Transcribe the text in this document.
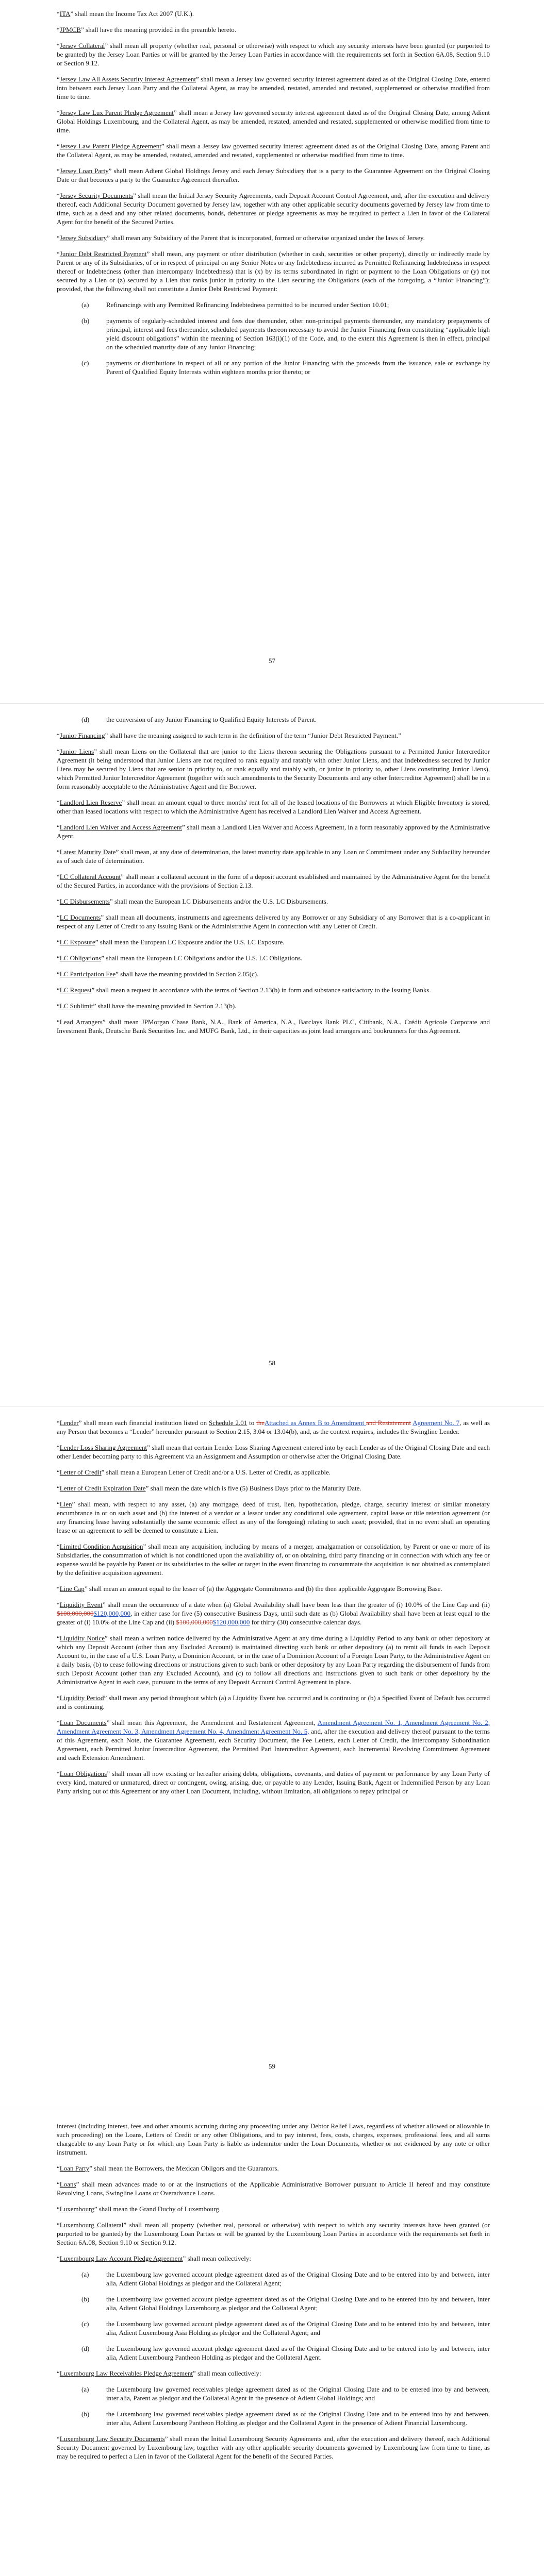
“ITA” shall mean the Income Tax Act 2007 (U.K.).

“JPMCB” shall have the meaning provided in the preamble hereto.

“Jersey Collateral” shall mean all property (whether real, personal or otherwise) with respect to which any security interests have been granted (or purported to be granted) by the Jersey Loan Parties or will be granted by the Jersey Loan Parties in accordance with the requirements set forth in Section 6A.08, Section 9.10 or Section 9.12.

“Jersey Law All Assets Security Interest Agreement” shall mean a Jersey law governed security interest agreement dated as of the Original Closing Date, entered into between each Jersey Loan Party and the Collateral Agent, as may be amended, restated, amended and restated, supplemented or otherwise modified from time to time.

“Jersey Law Lux Parent Pledge Agreement” shall mean a Jersey law governed security interest agreement dated as of the Original Closing Date, among Adient Global Holdings Luxembourg, and the Collateral Agent, as may be amended, restated, amended and restated, supplemented or otherwise modified from time to time.

“Jersey Law Parent Pledge Agreement” shall mean a Jersey law governed security interest agreement dated as of the Original Closing Date, among Parent and the Collateral Agent, as may be amended, restated, amended and restated, supplemented or otherwise modified from time to time.

“Jersey Loan Party” shall mean Adient Global Holdings Jersey and each Jersey Subsidiary that is a party to the Guarantee Agreement on the Original Closing Date or that becomes a party to the Guarantee Agreement thereafter.

“Jersey Security Documents” shall mean the Initial Jersey Security Agreements, each Deposit Account Control Agreement, and, after the execution and delivery thereof, each Additional Security Document governed by Jersey law, together with any other applicable security documents governed by Jersey law from time to time, such as a deed and any other related documents, bonds, debentures or pledge agreements as may be required to perfect a Lien in favor of the Collateral Agent for the benefit of the Secured Parties.

“Jersey Subsidiary” shall mean any Subsidiary of the Parent that is incorporated, formed or otherwise organized under the laws of Jersey.

“Junior Debt Restricted Payment” shall mean, any payment or other distribution (whether in cash, securities or other property), directly or indirectly made by Parent or any of its Subsidiaries, of or in respect of principal on any Senior Notes or any Indebtedness incurred as Permitted Refinancing Indebtedness in respect thereof or Indebtedness (other than intercompany Indebtedness) that is (x) by its terms subordinated in right or payment to the Loan Obligations or (y) not secured by a Lien or (z) secured by a Lien that ranks junior in priority to the Lien securing the Obligations (each of the foregoing, a “Junior Financing”); provided, that the following shall not constitute a Junior Debt Restricted Payment:

(a)	Refinancings with any Permitted Refinancing Indebtedness permitted to be incurred under Section 10.01;

(b)	payments of regularly-scheduled interest and fees due thereunder, other non-principal payments thereunder, any mandatory prepayments of principal, interest and fees thereunder, scheduled payments thereon necessary to avoid the Junior Financing from constituting “applicable high yield discount obligations” within the meaning of Section 163(i)(1) of the Code, and, to the extent this Agreement is then in effect, principal on the scheduled maturity date of any Junior Financing;

(c)	payments or distributions in respect of all or any portion of the Junior Financing with the proceeds from the issuance, sale or exchange by Parent of Qualified Equity Interests within eighteen months prior thereto; or

57

(d)	the conversion of any Junior Financing to Qualified Equity Interests of Parent.

“Junior Financing” shall have the meaning assigned to such term in the definition of the term “Junior Debt Restricted Payment.”

“Junior Liens” shall mean Liens on the Collateral that are junior to the Liens thereon securing the Obligations pursuant to a Permitted Junior Intercreditor Agreement (it being understood that Junior Liens are not required to rank equally and ratably with other Junior Liens, and that Indebtedness secured by Junior Liens may be secured by Liens that are senior in priority to, or rank equally and ratably with, or junior in priority to, other Liens constituting Junior Liens), which Permitted Junior Intercreditor Agreement (together with such amendments to the Security Documents and any other Intercreditor Agreement) shall be in a form reasonably acceptable to the Administrative Agent and the Borrower.

“Landlord Lien Reserve” shall mean an amount equal to three months' rent for all of the leased locations of the Borrowers at which Eligible Inventory is stored, other than leased locations with respect to which the Administrative Agent has received a Landlord Lien Waiver and Access Agreement.

“Landlord Lien Waiver and Access Agreement” shall mean a Landlord Lien Waiver and Access Agreement, in a form reasonably approved by the Administrative Agent.

“Latest Maturity Date” shall mean, at any date of determination, the latest maturity date applicable to any Loan or Commitment under any Subfacility hereunder as of such date of determination.

“LC Collateral Account” shall mean a collateral account in the form of a deposit account established and maintained by the Administrative Agent for the benefit of the Secured Parties, in accordance with the provisions of Section 2.13.

“LC Disbursements” shall mean the European LC Disbursements and/or the U.S. LC Disbursements.

“LC Documents” shall mean all documents, instruments and agreements delivered by any Borrower or any Subsidiary of any Borrower that is a co-applicant in respect of any Letter of Credit to any Issuing Bank or the Administrative Agent in connection with any Letter of Credit.

“LC Exposure” shall mean the European LC Exposure and/or the U.S. LC Exposure.

“LC Obligations” shall mean the European LC Obligations and/or the U.S. LC Obligations.

“LC Participation Fee” shall have the meaning provided in Section 2.05(c).

“LC Request” shall mean a request in accordance with the terms of Section 2.13(b) in form and substance satisfactory to the Issuing Banks.

“LC Sublimit” shall have the meaning provided in Section 2.13(b).

“Lead Arrangers” shall mean JPMorgan Chase Bank, N.A., Bank of America, N.A., Barclays Bank PLC, Citibank, N.A., Crédit Agricole Corporate and Investment Bank, Deutsche Bank Securities Inc. and MUFG Bank, Ltd., in their capacities as joint lead arrangers and bookrunners for this Agreement.

58

“Lender” shall mean each financial institution listed on Schedule 2.01 to theAttached as Annex B to Amendment and Restatement Agreement No. 7, as well as any Person that becomes a “Lender” hereunder pursuant to Section 2.15, 3.04 or 13.04(b), and, as the context requires, includes the Swingline Lender.

“Lender Loss Sharing Agreement” shall mean that certain Lender Loss Sharing Agreement entered into by each Lender as of the Original Closing Date and each other Lender becoming party to this Agreement via an Assignment and Assumption or otherwise after the Original Closing Date.

“Letter of Credit” shall mean a European Letter of Credit and/or a U.S. Letter of Credit, as applicable.

“Letter of Credit Expiration Date” shall mean the date which is five (5) Business Days prior to the Maturity Date.

“Lien” shall mean, with respect to any asset, (a) any mortgage, deed of trust, lien, hypothecation, pledge, charge, security interest or similar monetary encumbrance in or on such asset and (b) the interest of a vendor or a lessor under any conditional sale agreement, capital lease or title retention agreement (or any financing lease having substantially the same economic effect as any of the foregoing) relating to such asset; provided, that in no event shall an operating lease or an agreement to sell be deemed to constitute a Lien.

“Limited Condition Acquisition” shall mean any acquisition, including by means of a merger, amalgamation or consolidation, by Parent or one or more of its Subsidiaries, the consummation of which is not conditioned upon the availability of, or on obtaining, third party financing or in connection with which any fee or expense would be payable by Parent or its subsidiaries to the seller or target in the event financing to consummate the acquisition is not obtained as contemplated by the definitive acquisition agreement.

“Line Cap” shall mean an amount equal to the lesser of (a) the Aggregate Commitments and (b) the then applicable Aggregate Borrowing Base.

“Liquidity Event” shall mean the occurrence of a date when (a) Global Availability shall have been less than the greater of (i) 10.0% of the Line Cap and (ii) $100,000,000$120,000,000, in either case for five (5) consecutive Business Days, until such date as (b) Global Availability shall have been at least equal to the greater of (i) 10.0% of the Line Cap and (ii) $100,000,000$120,000,000 for thirty (30) consecutive calendar days.

“Liquidity Notice” shall mean a written notice delivered by the Administrative Agent at any time during a Liquidity Period to any bank or other depository at which any Deposit Account (other than any Excluded Account) is maintained directing such bank or other depository (a) to remit all funds in each Deposit Account to, in the case of a U.S. Loan Party, a Dominion Account, or in the case of a Dominion Account of a Foreign Loan Party, to the Administrative Agent on a daily basis, (b) to cease following directions or instructions given to such bank or other depository by any Loan Party regarding the disbursement of funds from such Deposit Account (other than any Excluded Account), and (c) to follow all directions and instructions given to such bank or other depository by the Administrative Agent in each case, pursuant to the terms of any Deposit Account Control Agreement in place.

“Liquidity Period” shall mean any period throughout which (a) a Liquidity Event has occurred and is continuing or (b) a Specified Event of Default has occurred and is continuing.

“Loan Documents” shall mean this Agreement, the Amendment and Restatement Agreement, Amendment Agreement No. 1, Amendment Agreement No. 2, Amendment Agreement No. 3, Amendment Agreement No. 4, Amendment Agreement No. 5, and, after the execution and delivery thereof pursuant to the terms of this Agreement, each Note, the Guarantee Agreement, each Security Document, the Fee Letters, each Letter of Credit, the Intercompany Subordination Agreement, each Permitted Junior Intercreditor Agreement, the Permitted Pari Intercreditor Agreement, each Incremental Revolving Commitment Agreement and each Extension Amendment.

“Loan Obligations” shall mean all now existing or hereafter arising debts, obligations, covenants, and duties of payment or performance by any Loan Party of every kind, matured or unmatured, direct or contingent, owing, arising, due, or payable to any Lender, Issuing Bank, Agent or Indemnified Person by any Loan Party arising out of this Agreement or any other Loan Document, including, without limitation, all obligations to repay principal or

59

interest (including interest, fees and other amounts accruing during any proceeding under any Debtor Relief Laws, regardless of whether allowed or allowable in such proceeding) on the Loans, Letters of Credit or any other Obligations, and to pay interest, fees, costs, charges, expenses, professional fees, and all sums chargeable to any Loan Party or for which any Loan Party is liable as indemnitor under the Loan Documents, whether or not evidenced by any note or other instrument.

“Loan Party” shall mean the Borrowers, the Mexican Obligors and the Guarantors.

“Loans” shall mean advances made to or at the instructions of the Applicable Administrative Borrower pursuant to Article II hereof and may constitute Revolving Loans, Swingline Loans or Overadvance Loans.

“Luxembourg” shall mean the Grand Duchy of Luxembourg.

“Luxembourg Collateral” shall mean all property (whether real, personal or otherwise) with respect to which any security interests have been granted (or purported to be granted) by the Luxembourg Loan Parties or will be granted by the Luxembourg Loan Parties in accordance with the requirements set forth in Section 6A.08, Section 9.10 or Section 9.12.

“Luxembourg Law Account Pledge Agreement” shall mean collectively:

(a)	the Luxembourg law governed account pledge agreement dated as of the Original Closing Date and to be entered into by and between, inter alia, Adient Global Holdings as pledgor and the Collateral Agent;

(b)	the Luxembourg law governed account pledge agreement dated as of the Original Closing Date and to be entered into by and between, inter alia, Adient Global Holdings Luxembourg as pledgor and the Collateral Agent;

(c)	the Luxembourg law governed account pledge agreement dated as of the Original Closing Date and to be entered into by and between, inter alia, Adient Luxembourg Asia Holding as pledgor and the Collateral Agent; and

(d)	the Luxembourg law governed account pledge agreement dated as of the Original Closing Date and to be entered into by and between, inter alia, Adient Luxembourg Pantheon Holding as pledgor and the Collateral Agent.

“Luxembourg Law Receivables Pledge Agreement” shall mean collectively:

(a)	the Luxembourg law governed receivables pledge agreement dated as of the Original Closing Date and to be entered into by and between, inter alia, Parent as pledgor and the Collateral Agent in the presence of Adient Global Holdings; and

(b)	the Luxembourg law governed receivables pledge agreement dated as of the Original Closing Date and to be entered into by and between, inter alia, Adient Luxembourg Pantheon Holding as pledgor and the Collateral Agent in the presence of Adient Financial Luxembourg.

“Luxembourg Law Security Documents” shall mean the Initial Luxembourg Security Agreements and, after the execution and delivery thereof, each Additional Security Document governed by Luxembourg law, together with any other applicable security documents governed by Luxembourg law from time to time, as may be required to perfect a Lien in favor of the Collateral Agent for the benefit of the Secured Parties.
